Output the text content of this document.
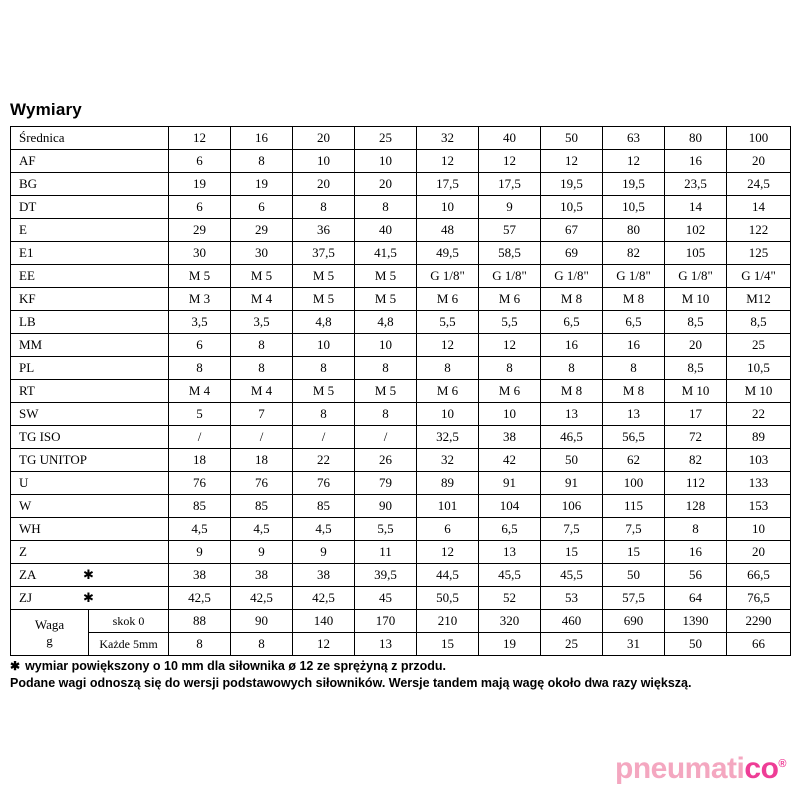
Wymiary
Średnica		12	16	20	25	32	40	50	63	80	100
AF		6	8	10	10	12	12	12	12	16	20
BG		19	19	20	20	17,5	17,5	19,5	19,5	23,5	24,5
DT		6	6	8	8	10	9	10,5	10,5	14	14
E		29	29	36	40	48	57	67	80	102	122
E1		30	30	37,5	41,5	49,5	58,5	69	82	105	125
EE		M 5	M 5	M 5	M 5	G 1/8"	G 1/8"	G 1/8"	G 1/8"	G 1/8"	G 1/4"
KF		M 3	M 4	M 5	M 5	M 6	M 6	M 8	M 8	M 10	M12
LB		3,5	3,5	4,8	4,8	5,5	5,5	6,5	6,5	8,5	8,5
MM		6	8	10	10	12	12	16	16	20	25
PL		8	8	8	8	8	8	8	8	8,5	10,5
RT		M 4	M 4	M 5	M 5	M 6	M 6	M 8	M 8	M 10	M 10
SW		5	7	8	8	10	10	13	13	17	22
TG ISO		/	/	/	/	32,5	38	46,5	56,5	72	89
TG UNITOP		18	18	22	26	32	42	50	62	82	103
U		76	76	76	79	89	91	91	100	112	133
W		85	85	85	90	101	104	106	115	128	153
WH		4,5	4,5	4,5	5,5	6	6,5	7,5	7,5	8	10
Z		9	9	9	11	12	13	15	15	16	20
ZA ✱		38	38	38	39,5	44,5	45,5	45,5	50	56	66,5
ZJ ✱		42,5	42,5	42,5	45	50,5	52	53	57,5	64	76,5
Waga
g	skok 0	88	90	140	170	210	320	460	690	1390	2290
	Każde 5mm	8	8	12	13	15	19	25	31	50	66
✱ wymiar powiększony o 10 mm dla siłownika ø 12 ze sprężyną z przodu.
Podane wagi odnoszą się do wersji podstawowych siłowników. Wersje tandem mają wagę około dwa razy większą.
pneumatico®
